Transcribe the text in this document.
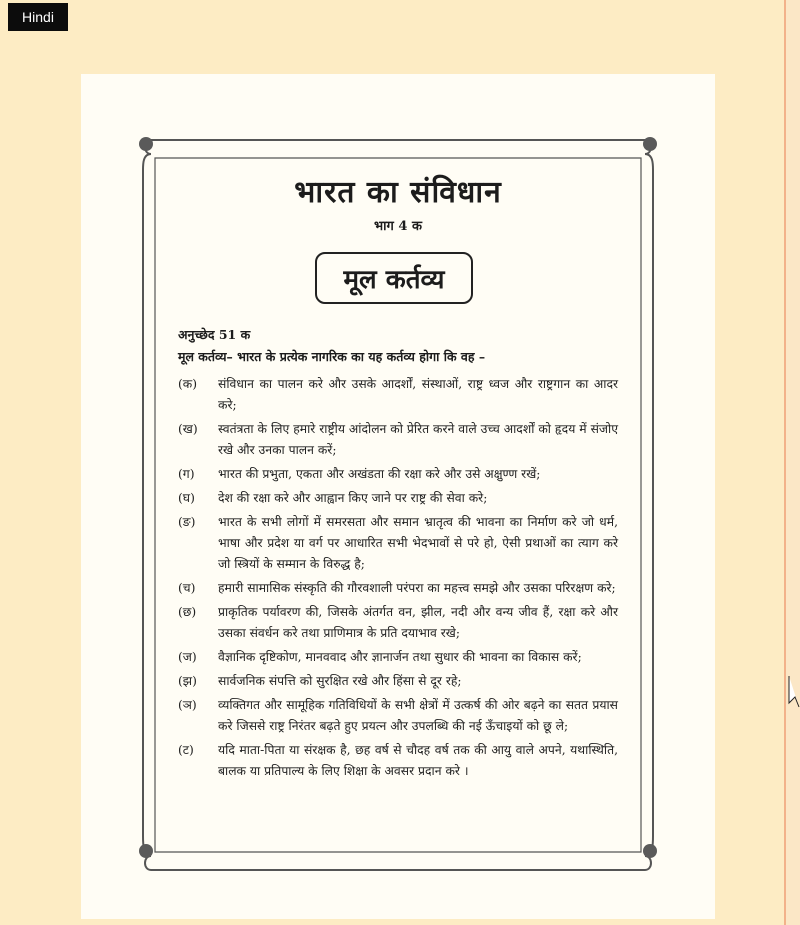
Hindi
भारत का संविधान
भाग 4 क
मूल कर्तव्य
अनुच्छेद 51 क
मूल कर्तव्य– भारत के प्रत्येक नागरिक का यह कर्तव्य होगा कि वह –
(क)	संविधान का पालन करे और उसके आदर्शों, संस्थाओं, राष्ट्र ध्वज और राष्ट्रगान का आदर करे;
(ख)	स्वतंत्रता के लिए हमारे राष्ट्रीय आंदोलन को प्रेरित करने वाले उच्च आदर्शों को हृदय में संजोए रखे और उनका पालन करें;
(ग)	भारत की प्रभुता, एकता और अखंडता की रक्षा करे और उसे अक्षुण्ण रखें;
(घ)	देश की रक्षा करे और आह्वान किए जाने पर राष्ट्र की सेवा करे;
(ङ)	भारत के सभी लोगों में समरसता और समान भ्रातृत्व की भावना का निर्माण करे जो धर्म, भाषा और प्रदेश या वर्ग पर आधारित सभी भेदभावों से परे हो, ऐसी प्रथाओं का त्याग करे जो स्त्रियों के सम्मान के विरुद्ध है;
(च)	हमारी सामासिक संस्कृति की गौरवशाली परंपरा का महत्त्व समझे और उसका परिरक्षण करे;
(छ)	प्राकृतिक पर्यावरण की, जिसके अंतर्गत वन, झील, नदी और वन्य जीव हैं, रक्षा करे और उसका संवर्धन करे तथा प्राणिमात्र के प्रति दयाभाव रखे;
(ज)	वैज्ञानिक दृष्टिकोण, मानववाद और ज्ञानार्जन तथा सुधार की भावना का विकास करें;
(झ)	सार्वजनिक संपत्ति को सुरक्षित रखे और हिंसा से दूर रहे;
(ञ)	व्यक्तिगत और सामूहिक गतिविधियों के सभी क्षेत्रों में उत्कर्ष की ओर बढ़ने का सतत प्रयास करे जिससे राष्ट्र निरंतर बढ़ते हुए प्रयत्न और उपलब्धि की नई ऊँचाइयों को छू ले;
(ट)	यदि माता-पिता या संरक्षक है, छह वर्ष से चौदह वर्ष तक की आयु वाले अपने, यथास्थिति, बालक या प्रतिपाल्य के लिए शिक्षा के अवसर प्रदान करे ।
